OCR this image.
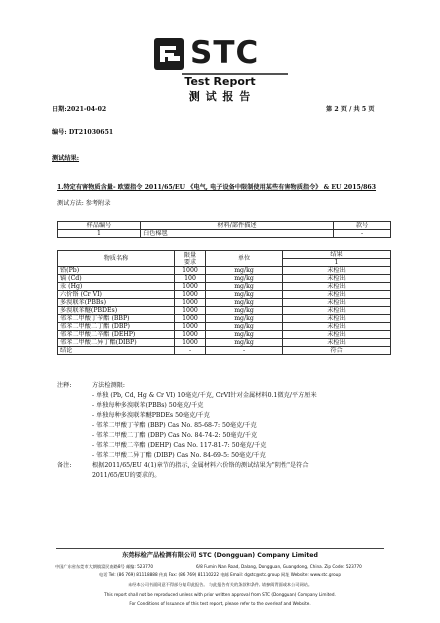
STC
Test Report
测 试 报 告
日期:2021-04-02	第 2 页 / 共 5 页
编号: DT21030651
测试结果:
1.特定有害物质含量- 欧盟指令 2011/65/EU 《电气, 电子设备中限制使用某些有害物质指令》 & EU 2015/863
测试方法: 参考附录
样品编号	材料/部件描述	款号
1	白色棉毯	-
物质名称	限量
要求	单位	结果
			1
铅(Pb)	1000	mg/kg	未检出
镉 (Cd)	100	mg/kg	未检出
汞 (Hg)	1000	mg/kg	未检出
六价铬 (Cr VI)	1000	mg/kg	未检出
多溴联苯(PBBs)	1000	mg/kg	未检出
多溴联苯醚(PBDEs)	1000	mg/kg	未检出
邻苯二甲酸丁苄酯 (BBP)	1000	mg/kg	未检出
邻苯二甲酸二丁酯 (DBP)	1000	mg/kg	未检出
邻苯二甲酸二辛酯 (DEHP)	1000	mg/kg	未检出
邻苯二甲酸二异丁酯(DIBP)	1000	mg/kg	未检出
结论	-	-	符合
注释:	方法检测限:
- 单独 (Pb, Cd, Hg & Cr VI) 10毫克/千克, CrVI针对金属材料0.1微克/平方厘米
- 单独每种多溴联苯(PBBs) 50毫克/千克
- 单独每种多溴联苯醚PBDEs 50毫克/千克
- 邻苯二甲酸丁苄酯 (BBP) Cas No. 85-68-7: 50毫克/千克
- 邻苯二甲酸二丁酯 (DBP) Cas No. 84-74-2: 50毫克/千克
- 邻苯二甲酸二辛酯 (DEHP) Cas No. 117-81-7: 50毫克/千克
- 邻苯二甲酸二异丁酯 (DIBP) Cas No. 84-69-5: 50毫克/千克
备注:	根据2011/65/EU 4(1)章节的指示, 金属材料六价铬的测试结果为"阴性"是符合
2011/65/EU的要求的。
东莞标检产品检测有限公司 STC (Dongguan) Company Limited
中国广东省东莞市大朗镇富民南路8号 邮编: 523770	6/8 Fumin Nan Road, Dalang, Dongguan, Guangdong, China. Zip Code: 523770
电话 Tel: (86 769) 81118888 传真 Fax: (86 769) 81110222 电邮 Email: dgstc@stc.group 网址 Website: www.stc.group
未经本公司书面同意不得部分复印此报告。 与此报告有关的条款和条件, 请参阅背面或本公司网站。
This report shall not be reproduced unless with prior written approval from STC (Dongguan) Company Limited.
For Conditions of Issuance of this test report, please refer to the overleaf and Website.
